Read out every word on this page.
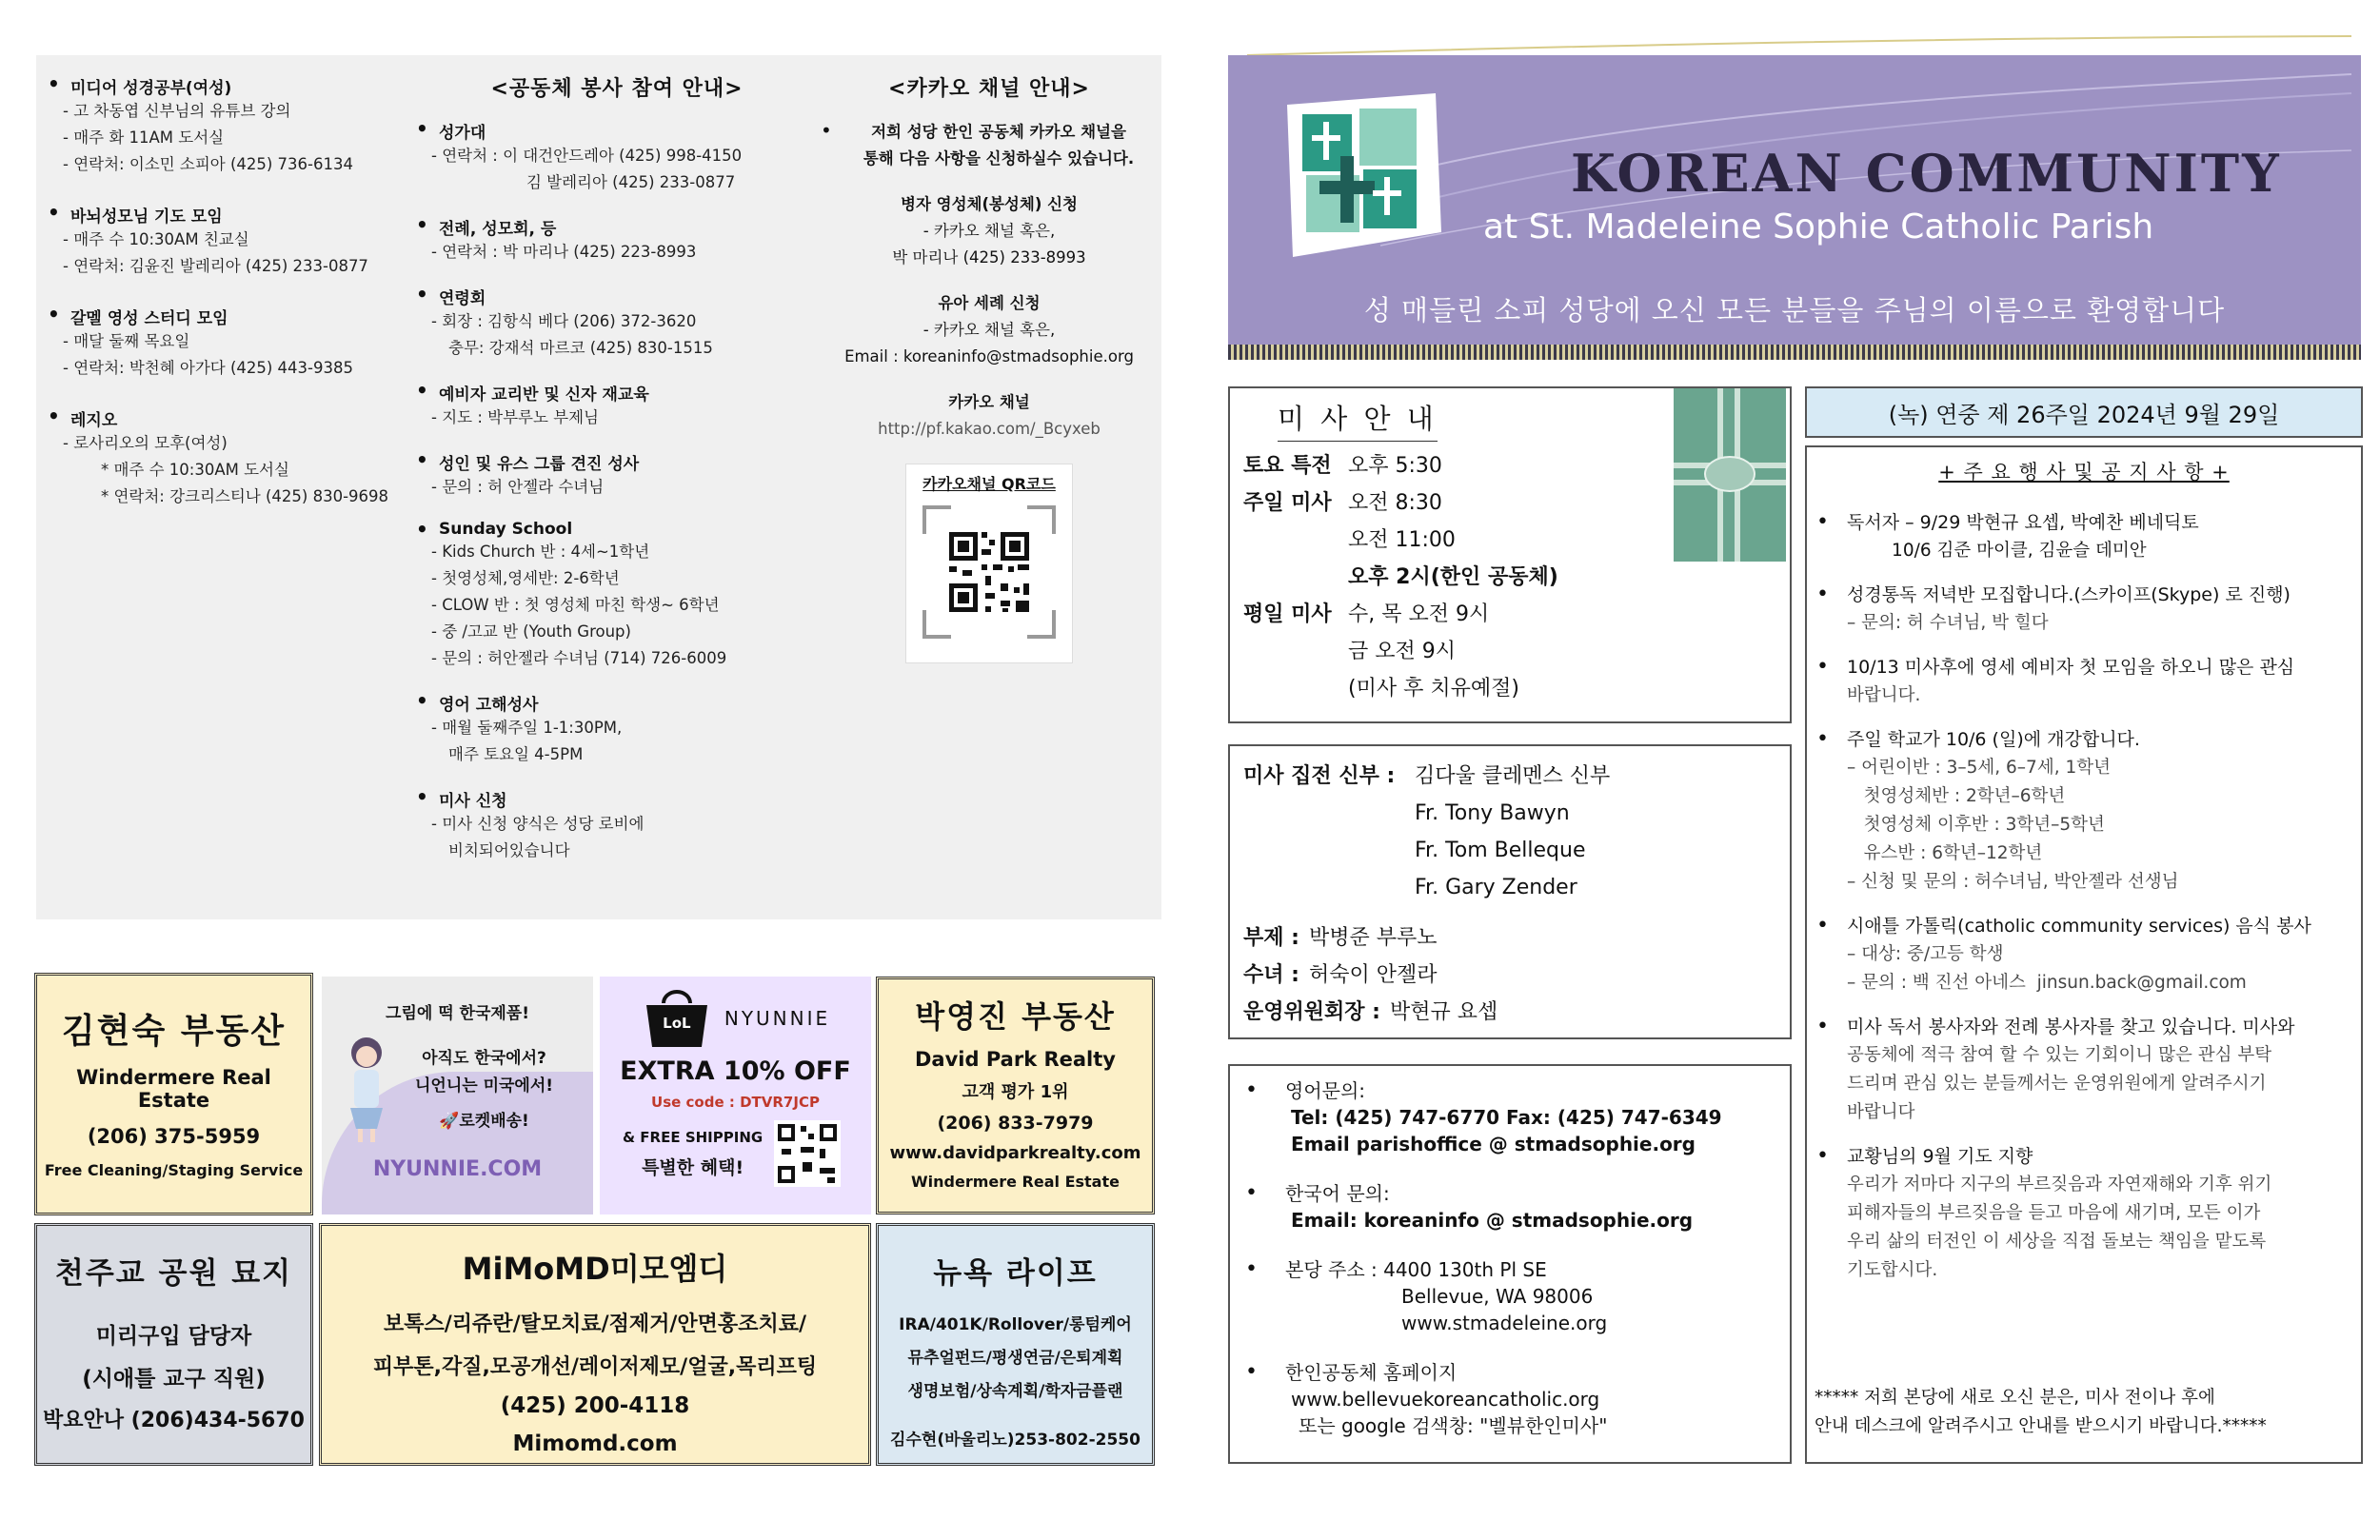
• 미디어 성경공부(여성)
- 고 차동엽 신부님의 유튜브 강의
- 매주 화 11AM 도서실
- 연락처: 이소민 소피아 (425) 736-6134
• 바뇌성모님 기도 모임
- 매주 수 10:30AM 친교실
- 연락처: 김윤진 발레리아 (425) 233-0877
• 갈멜 영성 스터디 모임
- 매달 둘째 목요일
- 연락처: 박천혜 아가다 (425) 443-9385
• 레지오
- 로사리오의 모후(여성)
* 매주 수 10:30AM 도서실
* 연락처: 강크리스티나 (425) 830-9698
<공동체 봉사 참여 안내>
• 성가대
- 연락처 : 이 대건안드레아 (425) 998-4150
김 발레리아 (425) 233-0877
• 전례, 성모회, 등
- 연락처 : 박 마리나 (425) 223-8993
• 연령회
- 회장 : 김항식 베다 (206) 372-3620
충무: 강재석 마르코 (425) 830-1515
• 예비자 교리반 및 신자 재교육
- 지도 : 박부루노 부제님
• 성인 및 유스 그룹 견진 성사
- 문의 : 허 안젤라 수녀님
• Sunday School
- Kids Church 반 : 4세~1학년
- 첫영성체,영세반: 2-6학년
- CLOW 반 : 첫 영성체 마친 학생~ 6학년
- 중 /고교 반 (Youth Group)
- 문의 : 허안젤라 수녀님 (714) 726-6009
• 영어 고해성사
- 매월 둘째주일 1-1:30PM,
매주 토요일 4-5PM
• 미사 신청
- 미사 신청 양식은 성당 로비에
비치되어있습니다
<카카오 채널 안내>
•	저희 성당 한인 공동체 카카오 채널을

통해 다음 사항을 신청하실수 있습니다.

병자 영성체(봉성체) 신청

- 카카오 채널 혹은,

박 마리나 (425) 233-8993

유아 세례 신청

- 카카오 채널 혹은,

Email : koreaninfo@stmadsophie.org

카카오 채널

http://pf.kakao.com/_Bcyxeb

카카오채널 QR코드
김현숙 부동산
Windermere Real Estate
(206) 375-5959
Free Cleaning/Staging Service
그림에 떡 한국제품!
아직도 한국에서?
니언니는 미국에서!
🚀로켓배송!
NYUNNIE.COM
LoL	NYUNNIE
EXTRA 10% OFF
Use code : DTVR7JCP
& FREE SHIPPING
특별한 혜택!
박영진 부동산
David Park Realty
고객 평가 1위
(206) 833-7979
www.davidparkrealty.com
Windermere Real Estate
천주교 공원 묘지
미리구입 담당자
(시애틀 교구 직원)
박요안나 (206)434-5670
MiMoMD미모엠디
보톡스/리쥬란/탈모치료/점제거/안면홍조치료/
피부톤,각질,모공개선/레이저제모/얼굴,목리프팅
(425) 200-4118
Mimomd.com
뉴욕 라이프
IRA/401K/Rollover/롱텀케어
뮤추얼펀드/평생연금/은퇴계획
생명보험/상속계획/학자금플랜
김수현(바울리노)253-802-2550
KOREAN COMMUNITY
at St. Madeleine Sophie Catholic Parish
성 매들린 소피 성당에 오신 모든 분들을 주님의 이름으로 환영합니다
미 사 안 내
토요 특전 오후 5:30
주일 미사 오전 8:30
오전 11:00
오후 2시(한인 공동체)
평일 미사 수, 목 오전 9시
금 오전 9시
(미사 후 치유예절)
미사 집전 신부 : 김다울 클레멘스 신부
Fr. Tony Bawyn
Fr. Tom Belleque
Fr. Gary Zender
부제 : 박병준 부루노
수녀 : 허숙이 안젤라
운영위원회장 : 박현규 요셉
• 영어문의:
Tel: (425) 747-6770 Fax: (425) 747-6349
Email parishoffice @ stmadsophie.org
• 한국어 문의:
Email: koreaninfo @ stmadsophie.org
• 본당 주소 : 4400 130th Pl SE
Bellevue, WA 98006
www.stmadeleine.org
• 한인공동체 홈페이지
www.bellevuekoreancatholic.org
또는 google 검색창: "벨뷰한인미사"
(녹) 연중 제 26주일 2024년 9월 29일
+ 주 요 행 사 및 공 지 사 항 +
• 독서자 – 9/29 박현규 요셉, 박예찬 베네딕토
10/6 김준 마이클, 김윤슬 데미안
• 성경통독 저녁반 모집합니다.(스카이프(Skype) 로 진행)
– 문의: 허 수녀님, 박 힐다
• 10/13 미사후에 영세 예비자 첫 모임을 하오니 많은 관심
바랍니다.
• 주일 학교가 10/6 (일)에 개강합니다.
– 어린이반 : 3–5세, 6–7세, 1학년
첫영성체반 : 2학년–6학년
첫영성체 이후반 : 3학년–5학년
유스반 : 6학년–12학년
– 신청 및 문의 : 허수녀님, 박안젤라 선생님
• 시애틀 가톨릭(catholic community services) 음식 봉사
– 대상: 중/고등 학생
– 문의 : 백 진선 아네스  jinsun.back@gmail.com
• 미사 독서 봉사자와 전례 봉사자를 찾고 있습니다. 미사와
공동체에 적극 참여 할 수 있는 기회이니 많은 관심 부탁
드리며 관심 있는 분들께서는 운영위원에게 알려주시기
바랍니다
• 교황님의 9월 기도 지향
우리가 저마다 지구의 부르짖음과 자연재해와 기후 위기
피해자들의 부르짖음을 듣고 마음에 새기며, 모든 이가
우리 삶의 터전인 이 세상을 직접 돌보는 책임을 맡도록
기도합시다.
***** 저희 본당에 새로 오신 분은, 미사 전이나 후에
안내 데스크에 알려주시고 안내를 받으시기 바랍니다.*****
